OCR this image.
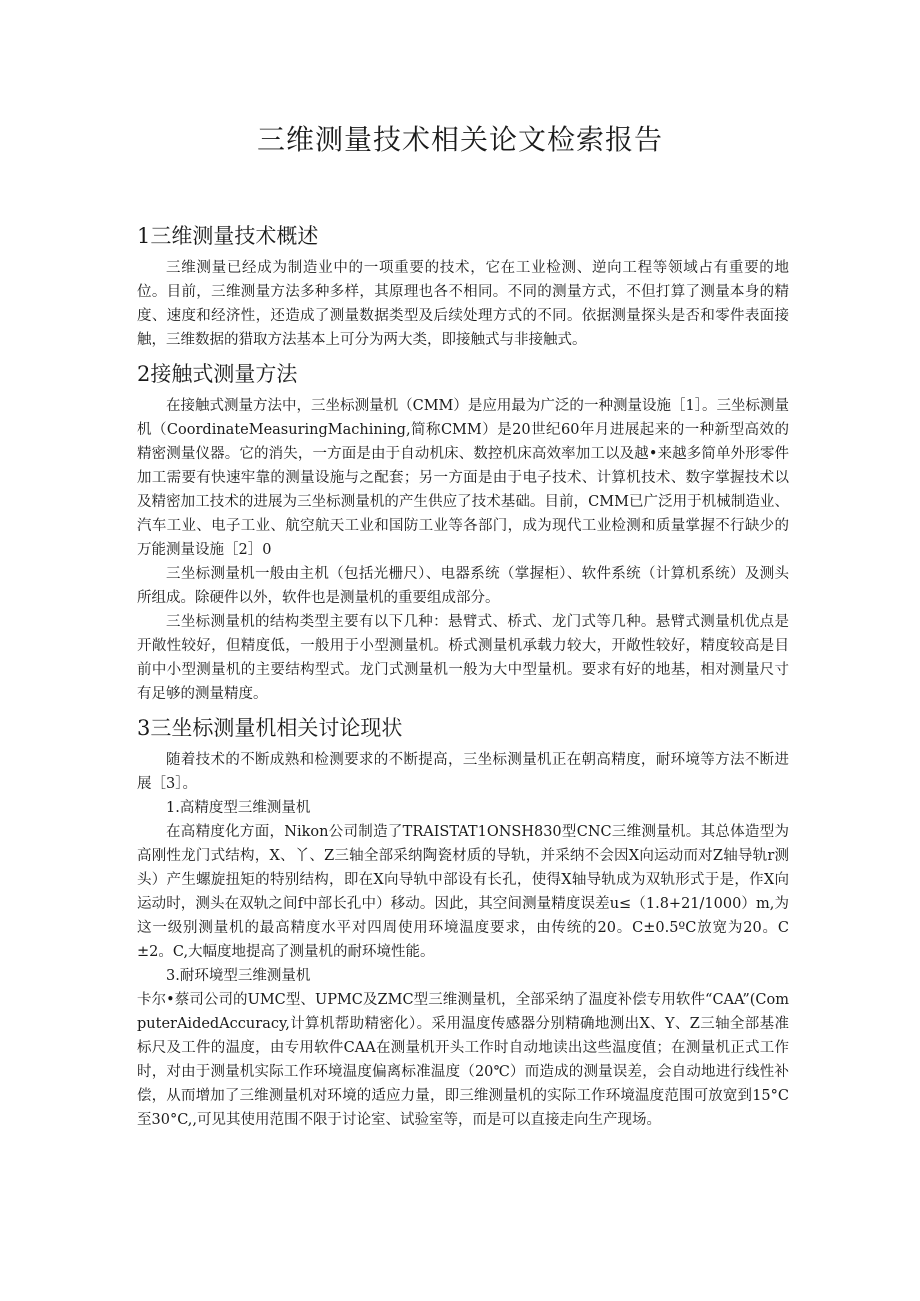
三维测量技术相关论文检索报告
1三维测量技术概述

三维测量已经成为制造业中的一项重要的技术，它在工业检测、逆向工程等领域占有重要的地位。目前，三维测量方法多种多样，其原理也各不相同。不同的测量方式，不但打算了测量本身的精度、速度和经济性，还造成了测量数据类型及后续处理方式的不同。依据测量探头是否和零件表面接触，三维数据的猎取方法基本上可分为两大类，即接触式与非接触式。

2接触式测量方法

在接触式测量方法中，三坐标测量机（CMM）是应用最为广泛的一种测量设施［1］。三坐标测量机（CoordinateMeasuringMachining,简称CMM）是20世纪60年月进展起来的一种新型高效的精密测量仪器。它的消失，一方面是由于自动机床、数控机床高效率加工以及越•来越多简单外形零件加工需要有快速牢靠的测量设施与之配套；另一方面是由于电子技术、计算机技术、数字掌握技术以及精密加工技术的进展为三坐标测量机的产生供应了技术基础。目前，CMM已广泛用于机械制造业、汽车工业、电子工业、航空航天工业和国防工业等各部门，成为现代工业检测和质量掌握不行缺少的万能测量设施［2］0

三坐标测量机一般由主机（包括光栅尺）、电器系统（掌握柜）、软件系统（计算机系统）及测头所组成。除硬件以外，软件也是测量机的重要组成部分。

三坐标测量机的结构类型主要有以下几种：悬臂式、桥式、龙门式等几种。悬臂式测量机优点是开敞性较好，但精度低，一般用于小型测量机。桥式测量机承载力较大，开敞性较好，精度较高是目前中小型测量机的主要结构型式。龙门式测量机一般为大中型量机。要求有好的地基，相对测量尺寸有足够的测量精度。

3三坐标测量机相关讨论现状

随着技术的不断成熟和检测要求的不断提高，三坐标测量机正在朝高精度，耐环境等方法不断进展［3］。

1.高精度型三维测量机

在高精度化方面，Nikon公司制造了TRAISTAT1ONSH830型CNC三维测量机。其总体造型为高刚性龙门式结构，X、丫、Z三轴全部采纳陶瓷材质的导轨，并采纳不会因X向运动而对Z轴导轨r测头）产生螺旋扭矩的特别结构，即在X向导轨中部设有长孔，使得X轴导轨成为双轨形式于是，作X向运动时，测头在双轨之间f中部长孔中）移动。因此，其空间测量精度误差u≤（1.8+21/1000）m,为这一级别测量机的最高精度水平对四周使用环境温度要求，由传统的20。C±0.5ºC放宽为20。C±2。C,大幅度地提高了测量机的耐环境性能。

3.耐环境型三维测量机

卡尔•蔡司公司的UMC型、UPMC及ZMC型三维测量机，全部采纳了温度补偿专用软件“CAA”(ComputerAidedAccuracy,计算机帮助精密化）。采用温度传感器分别精确地测出X、Y、Z三轴全部基准标尺及工件的温度，由专用软件CAA在测量机开头工作时自动地读出这些温度值；在测量机正式工作时，对由于测量机实际工作环境温度偏离标准温度（20℃）而造成的测量误差，会自动地进行线性补偿，从而增加了三维测量机对环境的适应力量，即三维测量机的实际工作环境温度范围可放宽到15°C至30°C,,可见其使用范围不限于讨论室、试验室等，而是可以直接走向生产现场。
